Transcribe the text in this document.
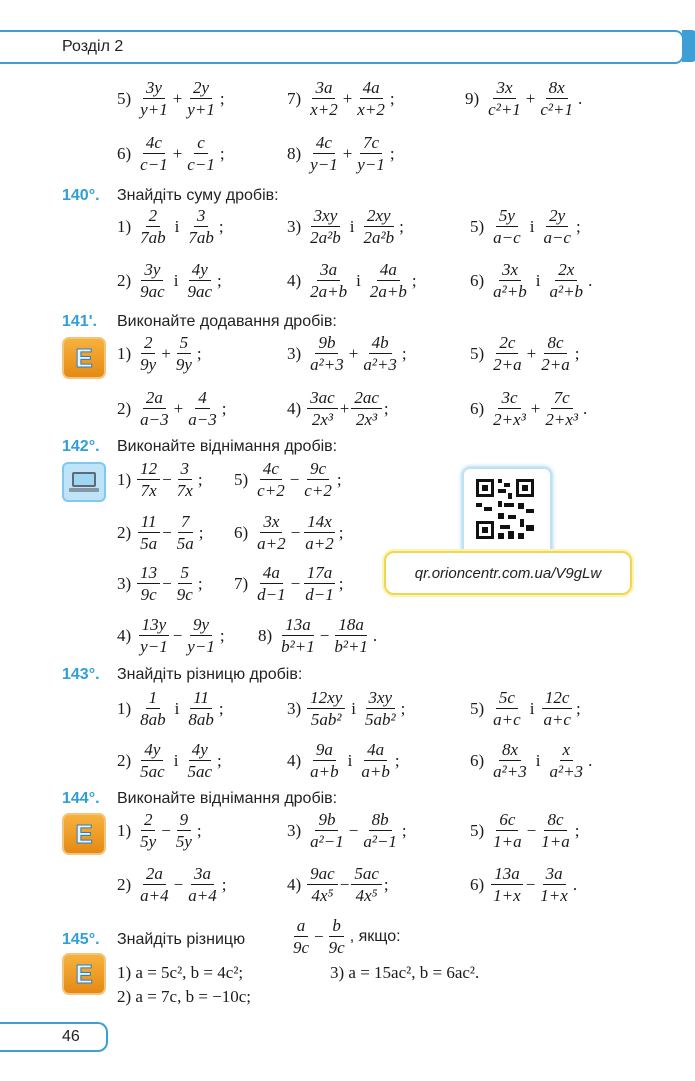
Розділ 2
$5) \frac{3y}{y+1} + \frac{2y}{y+1}$ ;	$7) \frac{3a}{x+2} + \frac{4a}{x+2}$ ;	$9) \frac{3x}{\text{c²+1}} + \frac{8x}{\text{c²+1}}$ .
$6) \frac{4c}{c-1} + \frac{c}{c-1}$ ;	$8) \frac{4c}{y-1} + \frac{7c}{y-1}$ ;
140°. Знайдіть суму дробів:
$1) \frac{2}{7ab}$ і $\frac{3}{7ab}$ ;	$3) \frac{3xy}{\text{2a²b}}$ і $\frac{2xy}{\text{2a²b}}$ ;	$5) \frac{5y}{a-c}$ і $\frac{2y}{a-c}$ ;
$2) \frac{3y}{9ac}$ і $\frac{4y}{9ac}$ ;	$4) \frac{3a}{2a+b}$ і $\frac{4a}{2a+b}$ ;	$6) \frac{3x}{\text{a²+b}}$ і $\frac{2x}{\text{a²+b}}$ .
141'. Виконайте додавання дробів:
$1) \frac{2}{9y} + \frac{5}{9y}$ ;	$3) \frac{9b}{\text{a²+3}} + \frac{4b}{\text{a²+3}}$ ;	$5) \frac{2c}{2+a} + \frac{8c}{2+a}$ ;
$2) \frac{2a}{a-3} + \frac{4}{a-3}$ ;	$4) \frac{3ac}{\text{2x³}} + \frac{2ac}{\text{2x³}}$ ;	$6) \frac{3c}{\text{2+x³}} + \frac{7c}{\text{2+x³}}$ .
142°. Виконайте віднімання дробів:
$1) \frac{12}{7x} - \frac{3}{7x}$ ; $5) \frac{4c}{c+2} - \frac{9c}{c+2}$ ;
$2) \frac{11}{5a} - \frac{7}{5a}$ ; $6) \frac{3x}{a+2} - \frac{14x}{a+2}$ ;
$3) \frac{13}{9c} - \frac{5}{9c}$ ; $7) \frac{4a}{d-1} - \frac{17a}{d-1}$ ;
$4) \frac{13y}{y-1} - \frac{9y}{y-1}$ ; $8) \frac{13a}{\text{b²+1}} - \frac{18a}{\text{b²+1}}$ .
143°. Знайдіть різницю дробів:
$1) \frac{1}{8ab}$ і $\frac{11}{8ab}$ ;	$3) \frac{12xy}{\text{5ab²}}$ і $\frac{3xy}{\text{5ab²}}$ ;	$5) \frac{5c}{a+c}$ і $\frac{12c}{a+c}$ ;
$2) \frac{4y}{5ac}$ і $\frac{4y}{5ac}$ ;	$4) \frac{9a}{a+b}$ і $\frac{4a}{a+b}$ ;	$6) \frac{8x}{\text{a²+3}}$ і $\frac{x}{\text{a²+3}}$ .
144°. Виконайте віднімання дробів:
$1) \frac{2}{5y} - \frac{9}{5y}$ ;	$3) \frac{9b}{\text{a²−1}} - \frac{8b}{\text{a²−1}}$ ;	$5) \frac{6c}{1+a} - \frac{8c}{1+a}$ ;
$2) \frac{2a}{a+4} - \frac{3a}{a+4}$ ;	$4) \frac{9ac}{\text{4x⁵}} - \frac{5ac}{\text{4x⁵}}$ ;	$6) \frac{13a}{1+x} - \frac{3a}{1+x}$ .
145°. Знайдіть різницю	$\frac{a}{9c} - \frac{b}{9c}$ , якщо:
1) a = 5c², b = 4c²;	3) a = 15ac², b = 6ac².
2) a = 7c, b = −10c;
E
E
E
qr.orioncentr.com.ua/V9gLw
46
